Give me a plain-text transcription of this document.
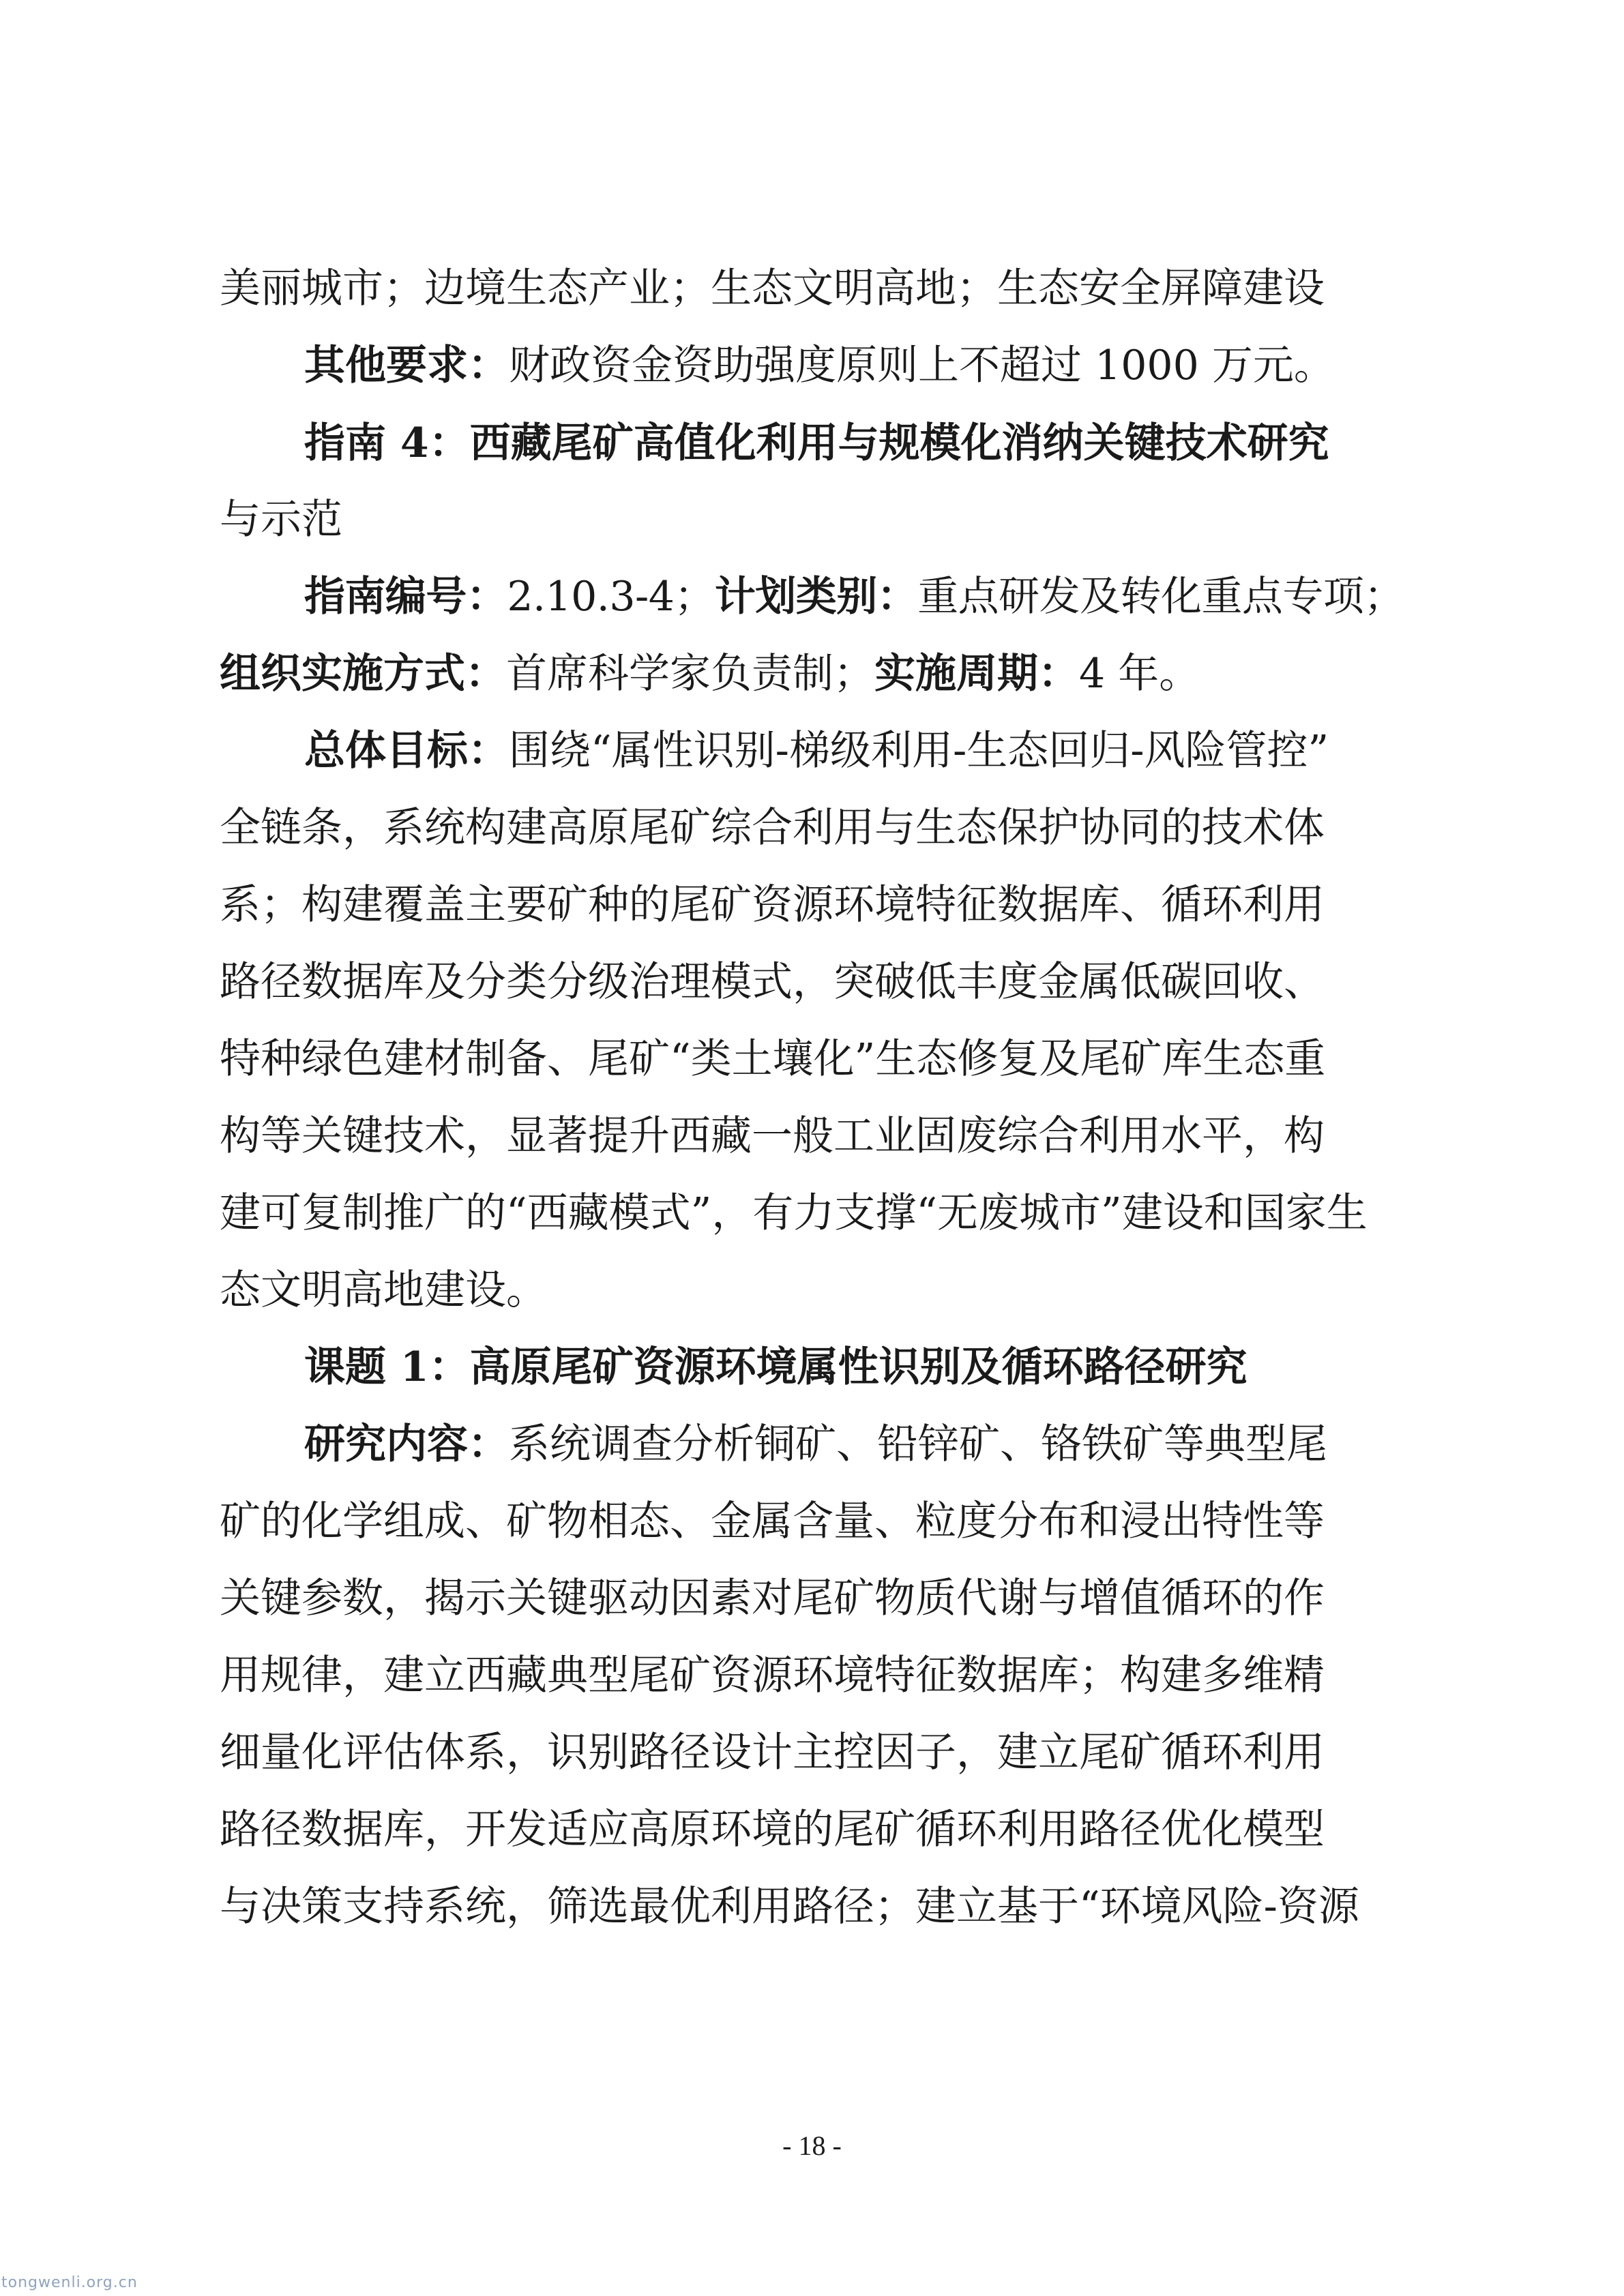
美丽城市；边境生态产业；生态文明高地；生态安全屏障建设

其他要求：财政资金资助强度原则上不超过 1000 万元。

指南 4：西藏尾矿高值化利用与规模化消纳关键技术研究

与示范

指南编号：2.10.3-4；计划类别：重点研发及转化重点专项；

组织实施方式：首席科学家负责制；实施周期：4 年。

总体目标：围绕“属性识别-梯级利用-生态回归-风险管控”

全链条，系统构建高原尾矿综合利用与生态保护协同的技术体

系；构建覆盖主要矿种的尾矿资源环境特征数据库、循环利用

路径数据库及分类分级治理模式，突破低丰度金属低碳回收、

特种绿色建材制备、尾矿“类土壤化”生态修复及尾矿库生态重

构等关键技术，显著提升西藏一般工业固废综合利用水平，构

建可复制推广的“西藏模式”，有力支撑“无废城市”建设和国家生

态文明高地建设。

课题 1：高原尾矿资源环境属性识别及循环路径研究

研究内容：系统调查分析铜矿、铅锌矿、铬铁矿等典型尾

矿的化学组成、矿物相态、金属含量、粒度分布和浸出特性等

关键参数，揭示关键驱动因素对尾矿物质代谢与增值循环的作

用规律，建立西藏典型尾矿资源环境特征数据库；构建多维精

细量化评估体系，识别路径设计主控因子，建立尾矿循环利用

路径数据库，开发适应高原环境的尾矿循环利用路径优化模型

与决策支持系统，筛选最优利用路径；建立基于“环境风险-资源

- 18 -
tongwenli.org.cn
